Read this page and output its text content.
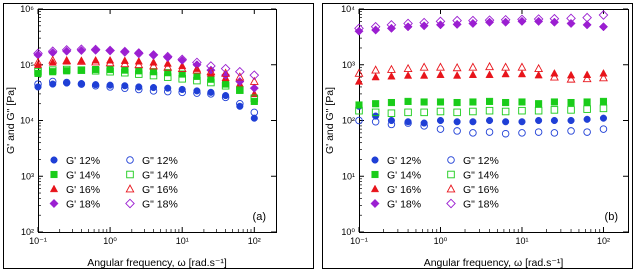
10⁻¹	10⁰	10¹	10²
10²
10³
10⁴
10⁵
10⁶
Angular frequency, ω [rad.s⁻¹]
G' and G" [Pa]
G' 12%
G' 14%
G' 16%
G' 18%
G" 12%
G" 14%
G" 16%
G" 18%
(a)
10⁻¹	10⁰	10¹	10²
10⁰
10¹
10²
10³
10⁴
Angular frequency, ω [rad.s⁻¹]
G' and G" [Pa]
G' 12%
G' 14%
G' 16%
G' 18%
G" 12%
G" 14%
G" 16%
G" 18%
(b)
